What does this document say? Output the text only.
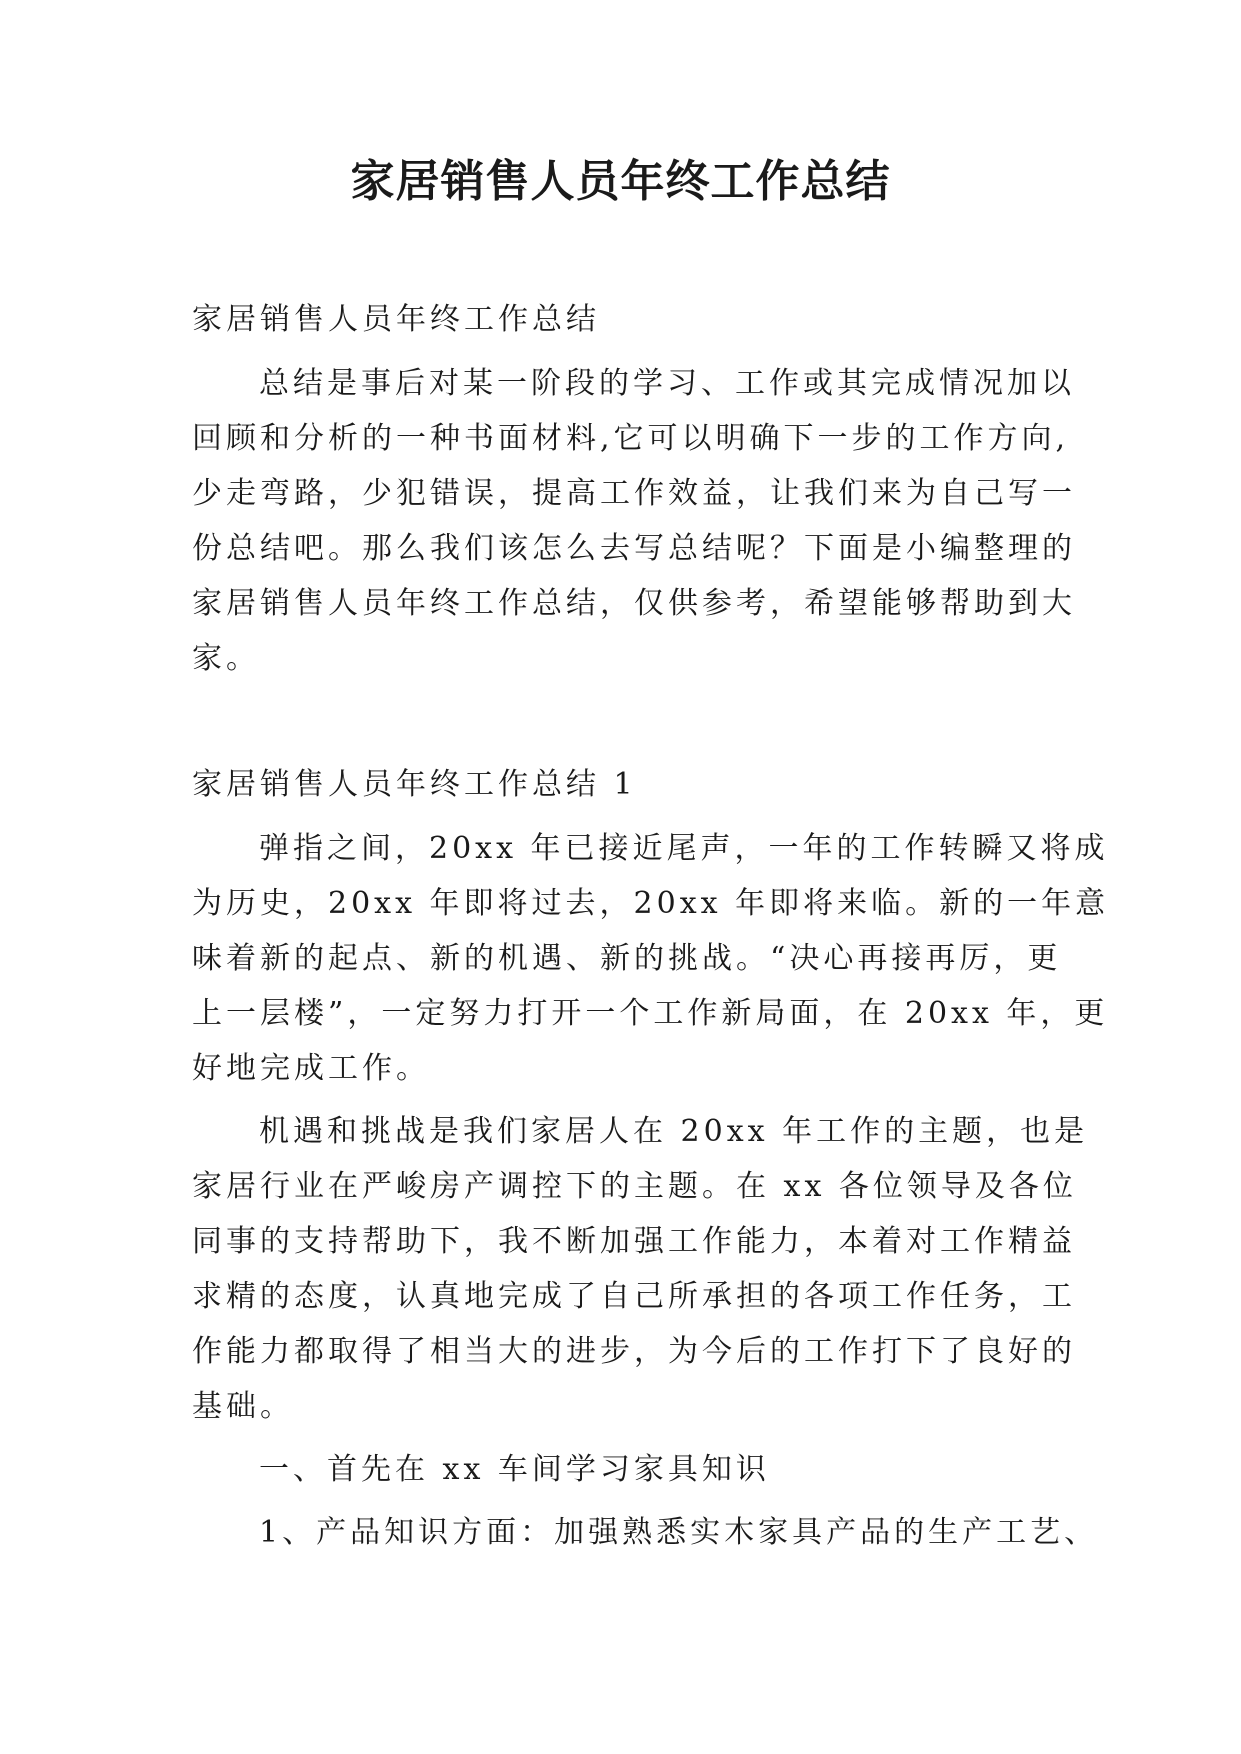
家居销售人员年终工作总结
家居销售人员年终工作总结
总结是事后对某一阶段的学习、工作或其完成情况加以
回顾和分析的一种书面材料,它可以明确下一步的工作方向,
少走弯路，少犯错误，提高工作效益，让我们来为自己写一
份总结吧。那么我们该怎么去写总结呢？下面是小编整理的
家居销售人员年终工作总结，仅供参考，希望能够帮助到大
家。
家居销售人员年终工作总结 1
弹指之间，20xx 年已接近尾声，一年的工作转瞬又将成
为历史，20xx 年即将过去，20xx 年即将来临。新的一年意
味着新的起点、新的机遇、新的挑战。“决心再接再厉，更
上一层楼”，一定努力打开一个工作新局面，在 20xx 年，更
好地完成工作。
机遇和挑战是我们家居人在 20xx 年工作的主题，也是
家居行业在严峻房产调控下的主题。在 xx 各位领导及各位
同事的支持帮助下，我不断加强工作能力，本着对工作精益
求精的态度，认真地完成了自己所承担的各项工作任务，工
作能力都取得了相当大的进步，为今后的工作打下了良好的
基础。
一、首先在 xx 车间学习家具知识
1、产品知识方面：加强熟悉实木家具产品的生产工艺、
